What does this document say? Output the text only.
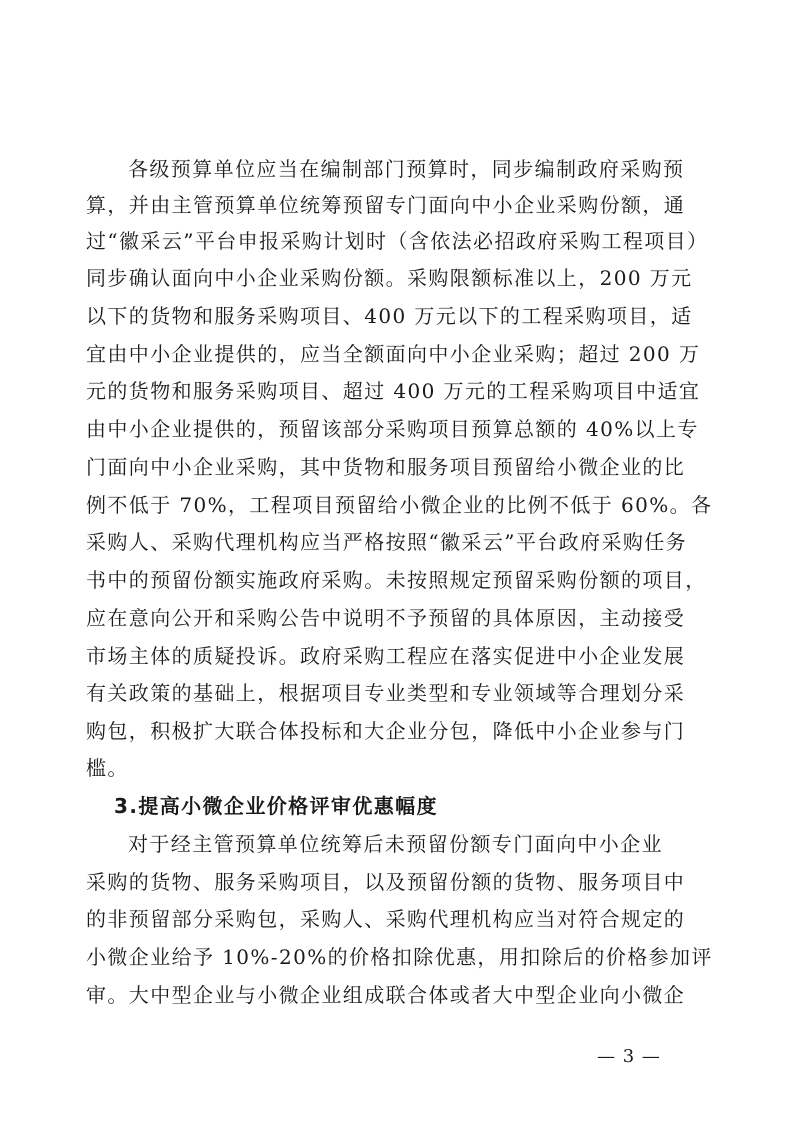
各级预算单位应当在编制部门预算时，同步编制政府采购预
算，并由主管预算单位统筹预留专门面向中小企业采购份额，通
过“徽采云”平台申报采购计划时（含依法必招政府采购工程项目）
同步确认面向中小企业采购份额。采购限额标准以上，200 万元
以下的货物和服务采购项目、400 万元以下的工程采购项目，适
宜由中小企业提供的，应当全额面向中小企业采购；超过 200 万
元的货物和服务采购项目、超过 400 万元的工程采购项目中适宜
由中小企业提供的，预留该部分采购项目预算总额的 40%以上专
门面向中小企业采购，其中货物和服务项目预留给小微企业的比
例不低于 70%，工程项目预留给小微企业的比例不低于 60%。各
采购人、采购代理机构应当严格按照“徽采云”平台政府采购任务
书中的预留份额实施政府采购。未按照规定预留采购份额的项目，
应在意向公开和采购公告中说明不予预留的具体原因，主动接受
市场主体的质疑投诉。政府采购工程应在落实促进中小企业发展
有关政策的基础上，根据项目专业类型和专业领域等合理划分采
购包，积极扩大联合体投标和大企业分包，降低中小企业参与门
槛。
3.提高小微企业价格评审优惠幅度
对于经主管预算单位统筹后未预留份额专门面向中小企业
采购的货物、服务采购项目，以及预留份额的货物、服务项目中
的非预留部分采购包，采购人、采购代理机构应当对符合规定的
小微企业给予 10%-20%的价格扣除优惠，用扣除后的价格参加评
审。大中型企业与小微企业组成联合体或者大中型企业向小微企
— 3 —
